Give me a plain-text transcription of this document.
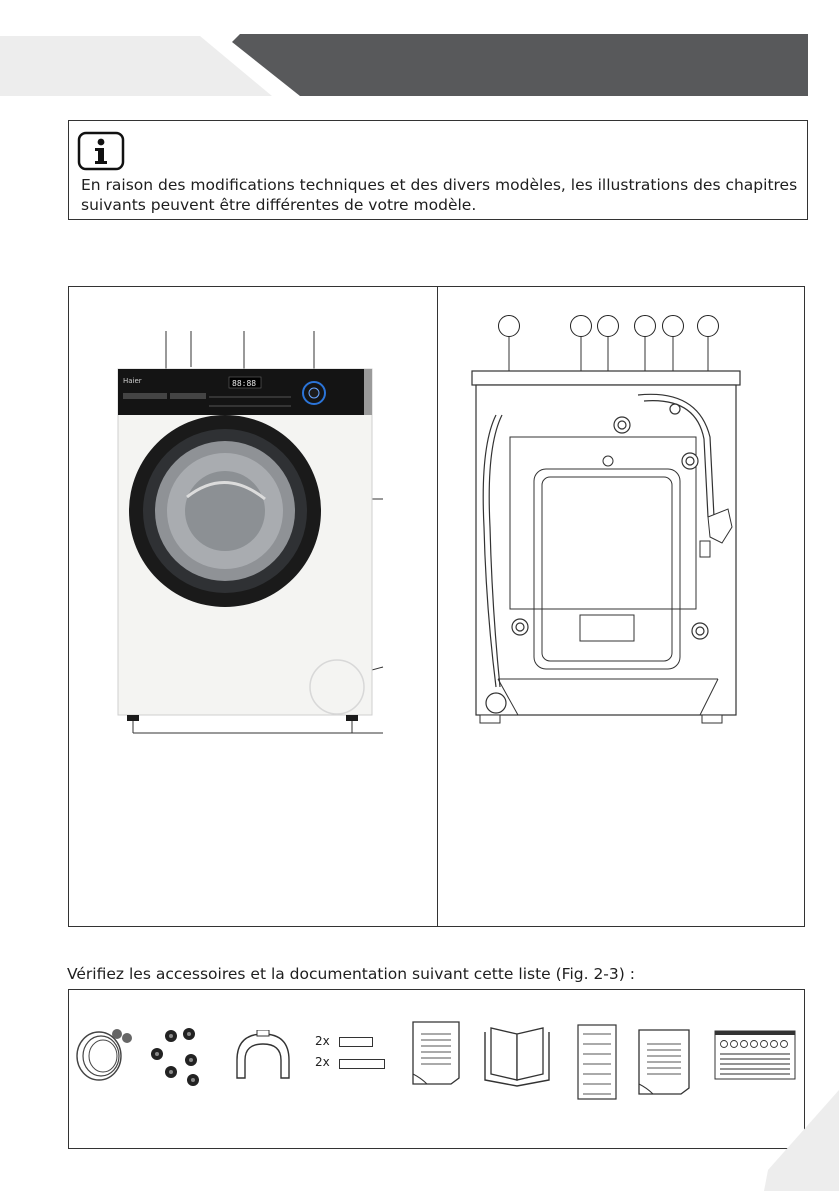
En raison des modifications techniques et des divers modèles, les illustrations des chapitres suivants peuvent être différentes de votre modèle.
Haier	88:88
Vérifiez les accessoires et la documentation suivant cette liste (Fig. 2-3) :
2x
2x
